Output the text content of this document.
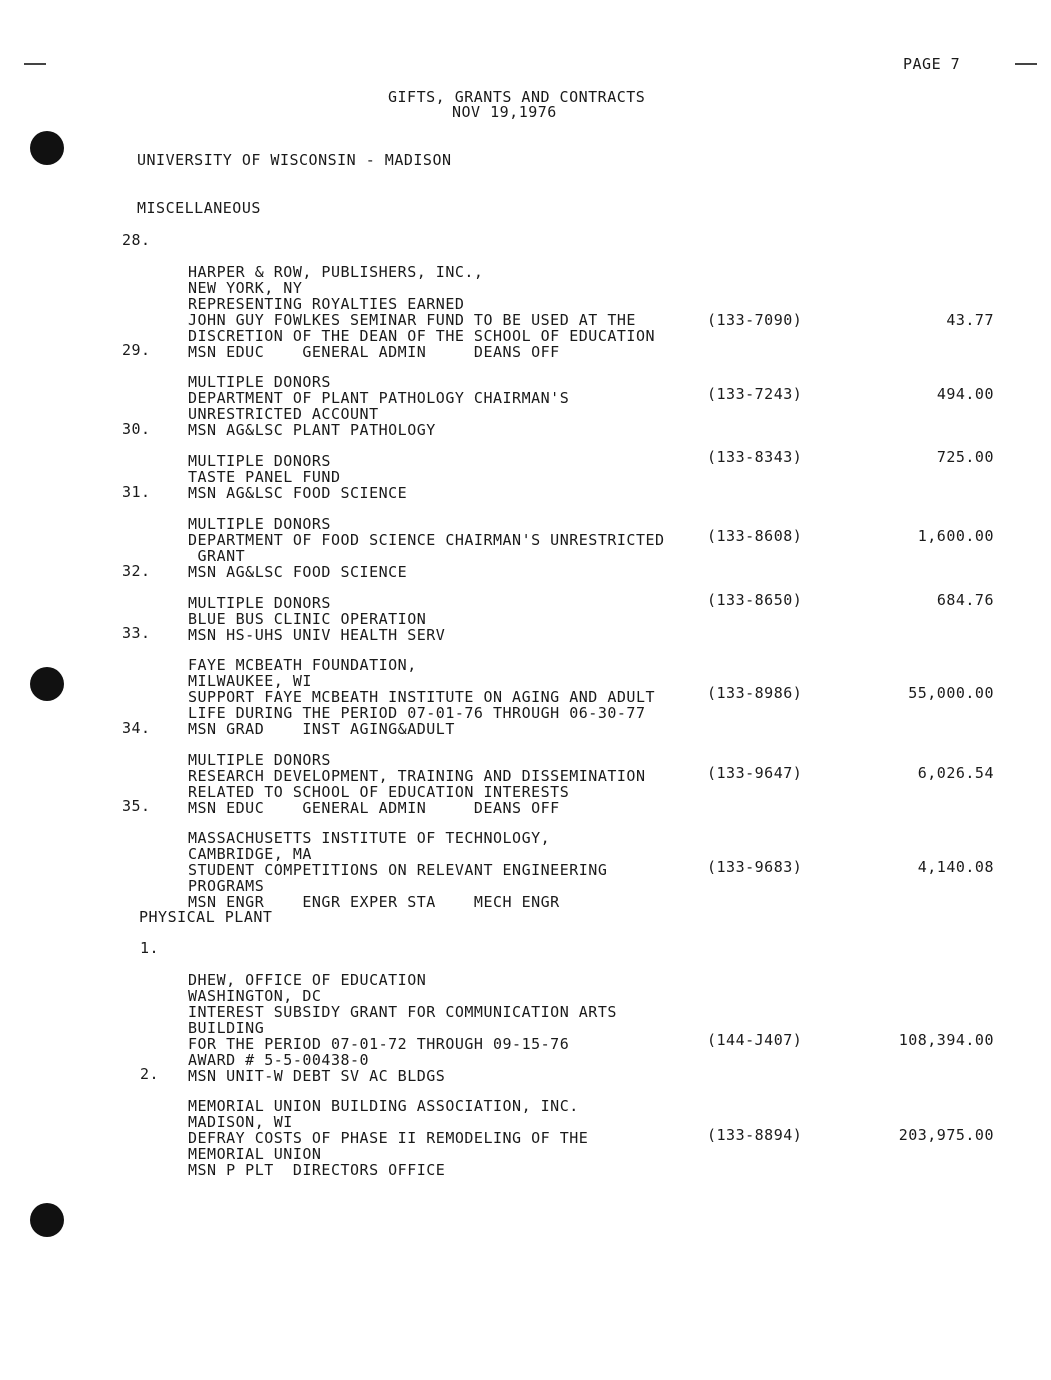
PAGE 7
GIFTS, GRANTS AND CONTRACTS
NOV 19,1976
UNIVERSITY OF WISCONSIN - MADISON
MISCELLANEOUS
28.

HARPER & ROW, PUBLISHERS, INC.,
NEW YORK, NY
REPRESENTING ROYALTIES EARNED
JOHN GUY FOWLKES SEMINAR FUND TO BE USED AT THE
DISCRETION OF THE DEAN OF THE SCHOOL OF EDUCATION
MSN EDUC    GENERAL ADMIN     DEANS OFF

(133-7090)	43.77
29.

MULTIPLE DONORS
DEPARTMENT OF PLANT PATHOLOGY CHAIRMAN'S
UNRESTRICTED ACCOUNT
MSN AG&LSC PLANT PATHOLOGY

(133-7243)	494.00
30.

MULTIPLE DONORS
TASTE PANEL FUND
MSN AG&LSC FOOD SCIENCE

(133-8343)	725.00
31.

MULTIPLE DONORS
DEPARTMENT OF FOOD SCIENCE CHAIRMAN'S UNRESTRICTED
GRANT
MSN AG&LSC FOOD SCIENCE

(133-8608)	1,600.00
32.

MULTIPLE DONORS
BLUE BUS CLINIC OPERATION
MSN HS-UHS UNIV HEALTH SERV

(133-8650)	684.76
33.

FAYE MCBEATH FOUNDATION,
MILWAUKEE, WI
SUPPORT FAYE MCBEATH INSTITUTE ON AGING AND ADULT
LIFE DURING THE PERIOD 07-01-76 THROUGH 06-30-77
MSN GRAD    INST AGING&ADULT

(133-8986)	55,000.00
34.

MULTIPLE DONORS
RESEARCH DEVELOPMENT, TRAINING AND DISSEMINATION
RELATED TO SCHOOL OF EDUCATION INTERESTS
MSN EDUC    GENERAL ADMIN     DEANS OFF

(133-9647)	6,026.54
35.

MASSACHUSETTS INSTITUTE OF TECHNOLOGY,
CAMBRIDGE, MA
STUDENT COMPETITIONS ON RELEVANT ENGINEERING
PROGRAMS
MSN ENGR    ENGR EXPER STA    MECH ENGR

(133-9683)	4,140.08
PHYSICAL PLANT
1.

DHEW, OFFICE OF EDUCATION
WASHINGTON, DC
INTEREST SUBSIDY GRANT FOR COMMUNICATION ARTS
BUILDING
FOR THE PERIOD 07-01-72 THROUGH 09-15-76
AWARD # 5-5-00438-0
MSN UNIT-W DEBT SV AC BLDGS

(144-J407)	108,394.00
2.

MEMORIAL UNION BUILDING ASSOCIATION, INC.
MADISON, WI
DEFRAY COSTS OF PHASE II REMODELING OF THE
MEMORIAL UNION
MSN P PLT  DIRECTORS OFFICE

(133-8894)	203,975.00
